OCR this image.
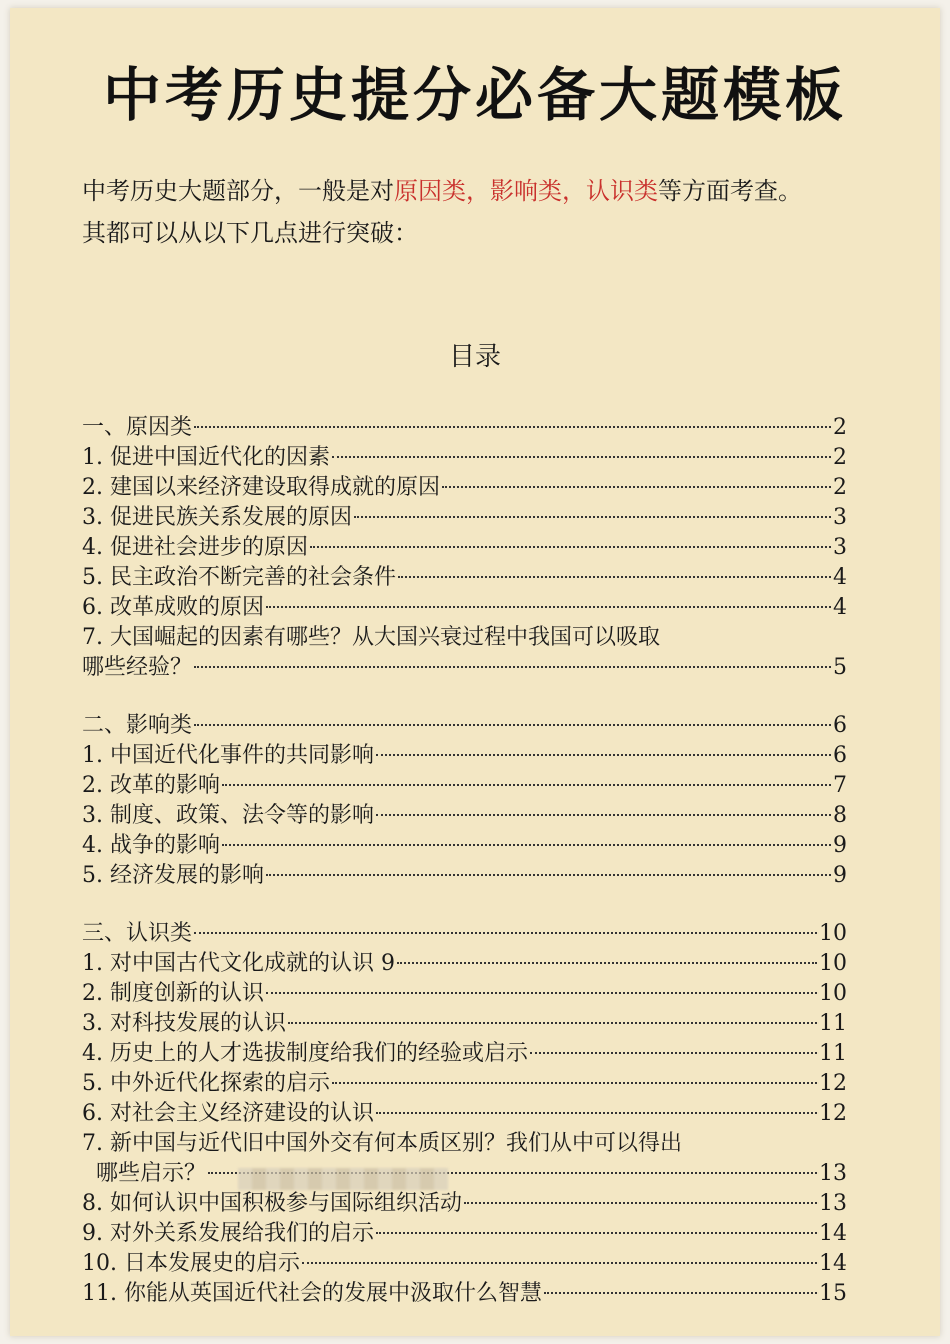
中考历史提分必备大题模板
中考历史大题部分，一般是对原因类，影响类，认识类等方面考查。
其都可以从以下几点进行突破：
目录
一、原因类	2
1. 促进中国近代化的因素	2
2. 建国以来经济建设取得成就的原因	2
3. 促进民族关系发展的原因	3
4. 促进社会进步的原因	3
5. 民主政治不断完善的社会条件	4
6. 改革成败的原因	4
7. 大国崛起的因素有哪些？从大国兴衰过程中我国可以吸取
哪些经验？	5
二、影响类	6
1. 中国近代化事件的共同影响	6
2. 改革的影响	7
3. 制度、政策、法令等的影响	8
4. 战争的影响	9
5. 经济发展的影响	9
三、认识类	10
1. 对中国古代文化成就的认识 9	10
2. 制度创新的认识	10
3. 对科技发展的认识	11
4. 历史上的人才选拔制度给我们的经验或启示	11
5. 中外近代化探索的启示	12
6. 对社会主义经济建设的认识	12
7. 新中国与近代旧中国外交有何本质区别？我们从中可以得出
哪些启示？	13
8. 如何认识中国积极参与国际组织活动	13
9. 对外关系发展给我们的启示	14
10. 日本发展史的启示	14
11. 你能从英国近代社会的发展中汲取什么智慧	15
